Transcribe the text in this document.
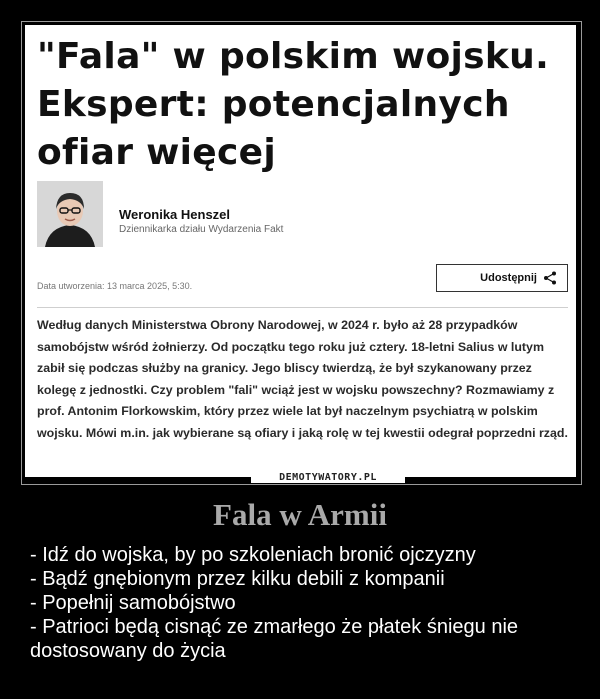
"Fala" w polskim wojsku. Ekspert: potencjalnych ofiar więcej
Weronika Henszel
Dziennikarka działu Wydarzenia Fakt
Data utworzenia: 13 marca 2025, 5:30.
Udostępnij

Według danych Ministerstwa Obrony Narodowej, w 2024 r. było aż 28 przypadków samobójstw wśród żołnierzy. Od początku tego roku już cztery. 18-letni Salius w lutym zabił się podczas służby na granicy. Jego bliscy twierdzą, że był szykanowany przez kolegę z jednostki. Czy problem "fali" wciąż jest w wojsku powszechny? Rozmawiamy z prof. Antonim Florkowskim, który przez wiele lat był naczelnym psychiatrą w polskim wojsku. Mówi m.in. jak wybierane są ofiary i jaką rolę w tej kwestii odegrał poprzedni rząd.

DEMOTYWATORY.PL
Fala w Armii
- Idź do wojska, by po szkoleniach bronić ojczyzny
- Bądź gnębionym przez kilku debili z kompanii
- Popełnij samobójstwo
- Patrioci będą cisnąć ze zmarłego że płatek śniegu nie dostosowany do życia
